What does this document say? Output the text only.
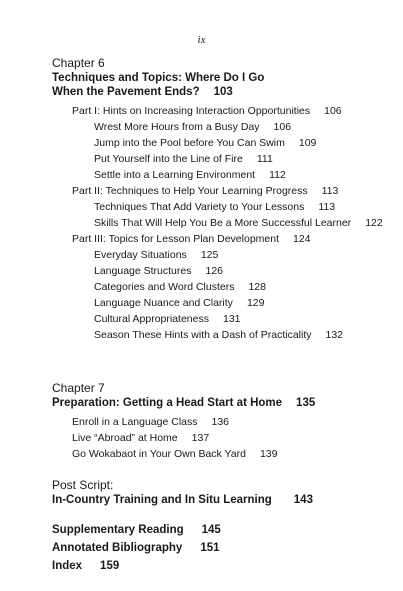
ix

Chapter 6

Techniques and Topics: Where Do I Go

When the Pavement Ends? 103

Part I: Hints on Increasing Interaction Opportunities 106
Wrest More Hours from a Busy Day 106
Jump into the Pool before You Can Swim 109
Put Yourself into the Line of Fire 111
Settle into a Learning Environment 112
Part II: Techniques to Help Your Learning Progress 113
Techniques That Add Variety to Your Lessons 113
Skills That Will Help You Be a More Successful Learner 122
Part III: Topics for Lesson Plan Development 124
Everyday Situations 125
Language Structures 126
Categories and Word Clusters 128
Language Nuance and Clarity 129
Cultural Appropriateness 131
Season These Hints with a Dash of Practicality 132

Chapter 7

Preparation: Getting a Head Start at Home 135

Enroll in a Language Class 136
Live “Abroad” at Home 137
Go Wokabaot in Your Own Back Yard 139

Post Script:

In-Country Training and In Situ Learning 143

Supplementary Reading 145

Annotated Bibliography 151

Index 159
